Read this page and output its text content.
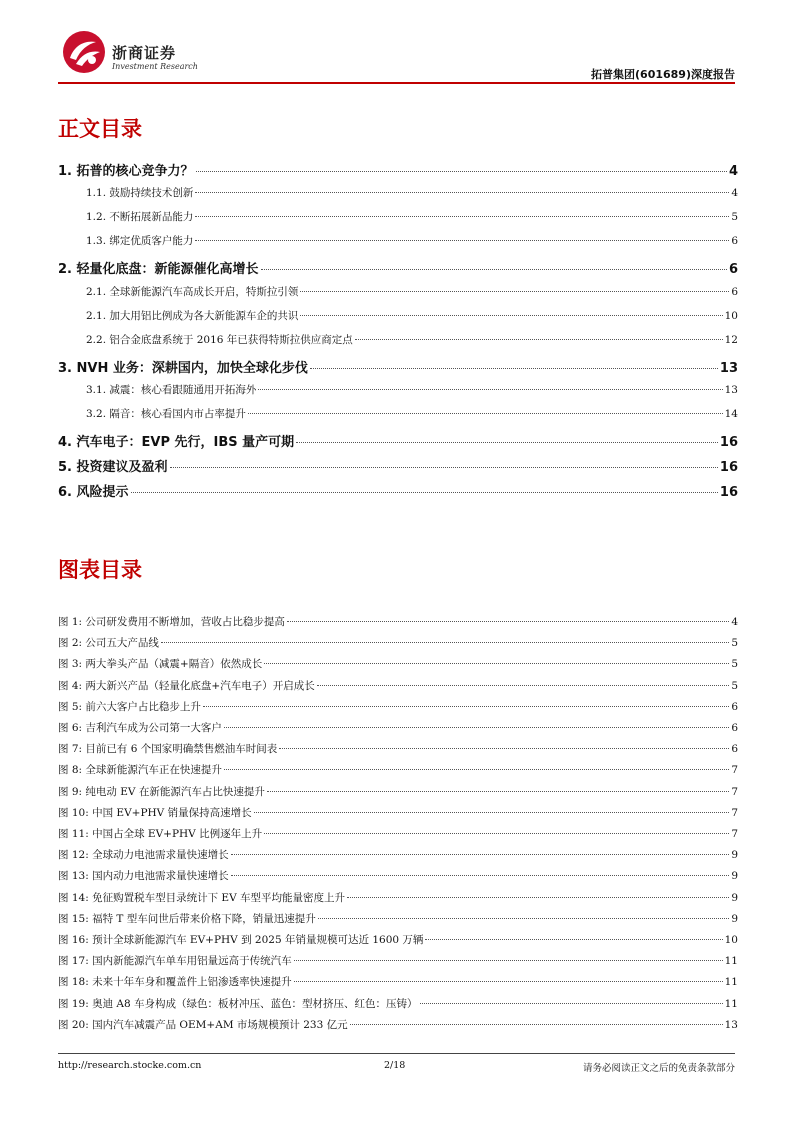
浙商证券
Investment Research
拓普集团(601689)深度报告
正文目录
1. 拓普的核心竞争力？	4
1.1. 鼓励持续技术创新	4
1.2. 不断拓展新品能力	5
1.3. 绑定优质客户能力	6
2. 轻量化底盘：新能源催化高增长	6
2.1. 全球新能源汽车高成长开启，特斯拉引领	6
2.1. 加大用铝比例成为各大新能源车企的共识	10
2.2. 铝合金底盘系统于 2016 年已获得特斯拉供应商定点	12
3. NVH 业务：深耕国内，加快全球化步伐	13
3.1. 减震：核心看跟随通用开拓海外	13
3.2. 隔音：核心看国内市占率提升	14
4. 汽车电子：EVP 先行，IBS 量产可期	16
5. 投资建议及盈利	16
6. 风险提示	16
图表目录
图 1: 公司研发费用不断增加，营收占比稳步提高	4
图 2: 公司五大产品线	5
图 3: 两大拳头产品（减震+隔音）依然成长	5
图 4: 两大新兴产品（轻量化底盘+汽车电子）开启成长	5
图 5: 前六大客户占比稳步上升	6
图 6: 吉利汽车成为公司第一大客户	6
图 7: 目前已有 6 个国家明确禁售燃油车时间表	6
图 8: 全球新能源汽车正在快速提升	7
图 9: 纯电动 EV 在新能源汽车占比快速提升	7
图 10: 中国 EV+PHV 销量保持高速增长	7
图 11: 中国占全球 EV+PHV 比例逐年上升	7
图 12: 全球动力电池需求量快速增长	9
图 13: 国内动力电池需求量快速增长	9
图 14: 免征购置税车型目录统计下 EV 车型平均能量密度上升	9
图 15: 福特 T 型车问世后带来价格下降，销量迅速提升	9
图 16: 预计全球新能源汽车 EV+PHV 到 2025 年销量规模可达近 1600 万辆	10
图 17: 国内新能源汽车单车用铝量远高于传统汽车	11
图 18: 未来十年车身和覆盖件上铝渗透率快速提升	11
图 19: 奥迪 A8 车身构成（绿色：板材冲压、蓝色：型材挤压、红色：压铸）	11
图 20: 国内汽车减震产品 OEM+AM 市场规模预计 233 亿元	13
http://research.stocke.com.cn	2/18	请务必阅读正文之后的免责条款部分
